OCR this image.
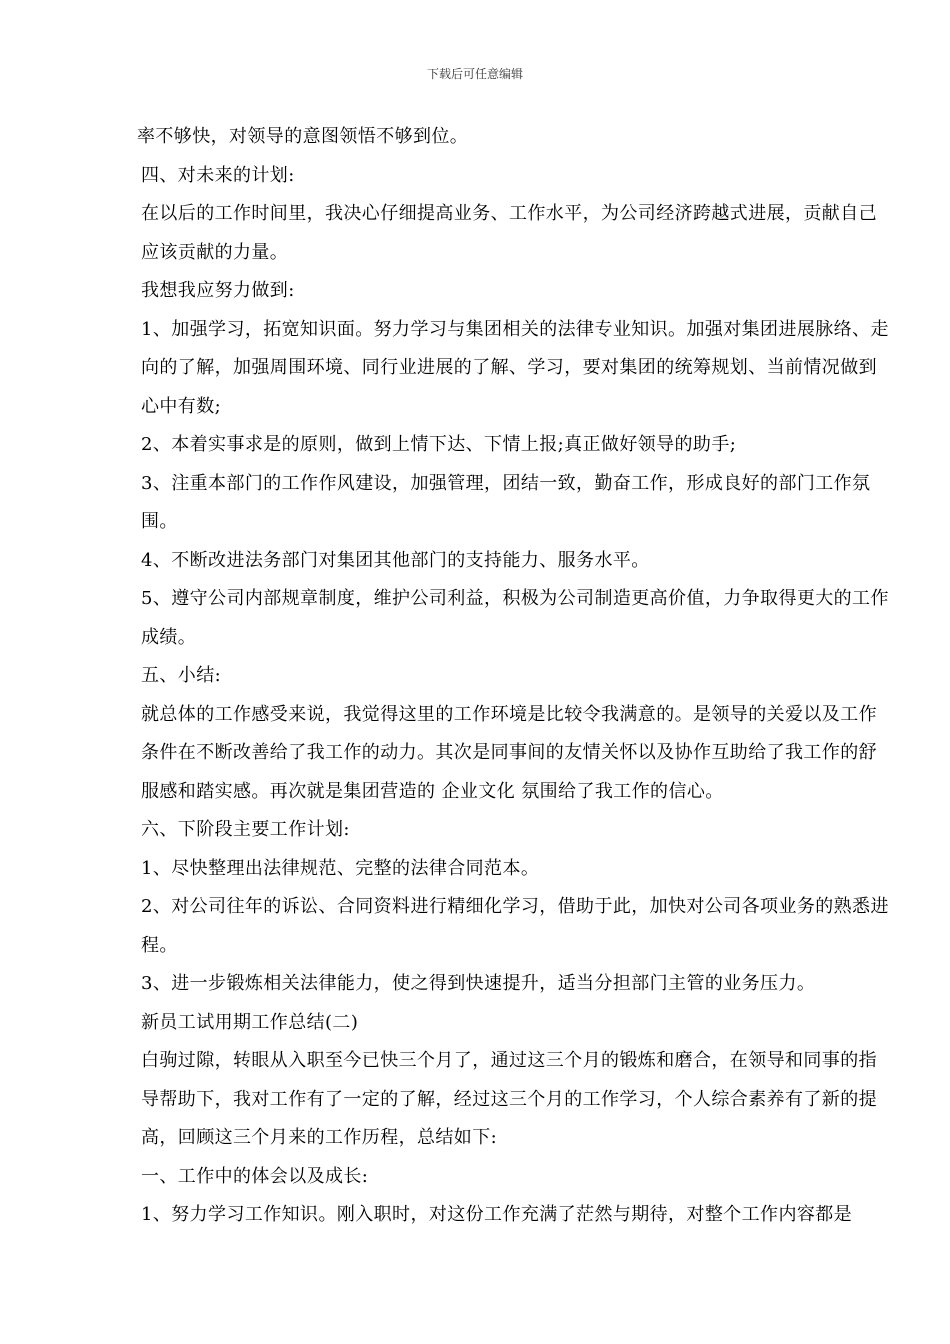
下载后可任意编辑

率不够快，对领导的意图领悟不够到位。

四、对未来的计划:

在以后的工作时间里，我决心仔细提高业务、工作水平，为公司经济跨越式进展，贡献自己应该贡献的力量。

我想我应努力做到:

1、加强学习，拓宽知识面。努力学习与集团相关的法律专业知识。加强对集团进展脉络、走向的了解，加强周围环境、同行业进展的了解、学习，要对集团的统筹规划、当前情况做到心中有数;

2、本着实事求是的原则，做到上情下达、下情上报;真正做好领导的助手;

3、注重本部门的工作作风建设，加强管理，团结一致，勤奋工作，形成良好的部门工作氛围。

4、不断改进法务部门对集团其他部门的支持能力、服务水平。

5、遵守公司内部规章制度，维护公司利益，积极为公司制造更高价值，力争取得更大的工作成绩。

五、小结:

就总体的工作感受来说，我觉得这里的工作环境是比较令我满意的。是领导的关爱以及工作条件在不断改善给了我工作的动力。其次是同事间的友情关怀以及协作互助给了我工作的舒服感和踏实感。再次就是集团营造的 企业文化 氛围给了我工作的信心。

六、下阶段主要工作计划:

1、尽快整理出法律规范、完整的法律合同范本。

2、对公司往年的诉讼、合同资料进行精细化学习，借助于此，加快对公司各项业务的熟悉进程。

3、进一步锻炼相关法律能力，使之得到快速提升，适当分担部门主管的业务压力。

新员工试用期工作总结(二)

白驹过隙，转眼从入职至今已快三个月了，通过这三个月的锻炼和磨合，在领导和同事的指导帮助下，我对工作有了一定的了解，经过这三个月的工作学习，个人综合素养有了新的提高，回顾这三个月来的工作历程，总结如下:

一、工作中的体会以及成长:

1、努力学习工作知识。刚入职时，对这份工作充满了茫然与期待，对整个工作内容都是
